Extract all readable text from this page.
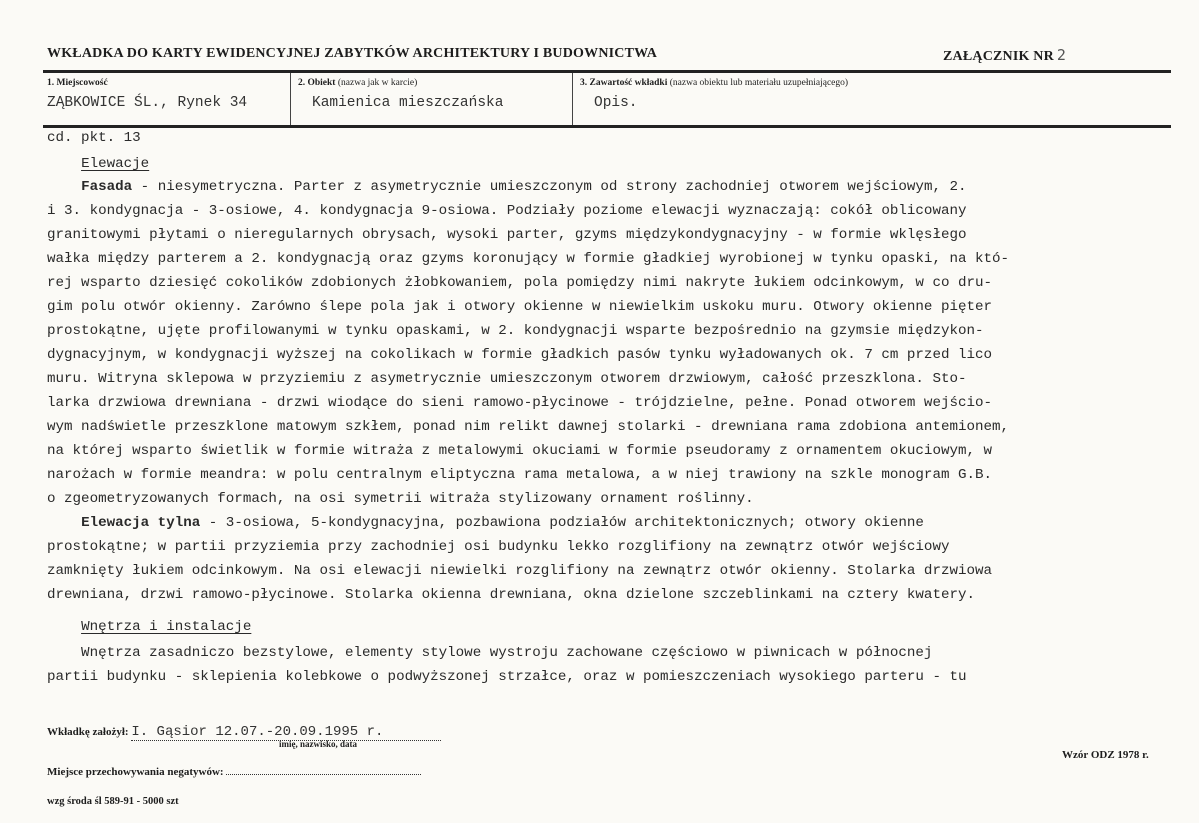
WKŁADKA DO KARTY EWIDENCYJNEJ ZABYTKÓW ARCHITEKTURY I BUDOWNICTWA	ZAŁĄCZNIK NR 2
1. Miejscowość
ZĄBKOWICE ŚL., Rynek 34
2. Obiekt (nazwa jak w karcie)
Kamienica mieszczańska
3. Zawartość wkładki (nazwa obiektu lub materiału uzupełniającego)
Opis.
cd. pkt. 13
Elewacje
Fasada - niesymetryczna. Parter z asymetrycznie umieszczonym od strony zachodniej otworem wejściowym, 2.
i 3. kondygnacja - 3-osiowe, 4. kondygnacja 9-osiowa. Podziały poziome elewacji wyznaczają: cokół oblicowany
granitowymi płytami o nieregularnych obrysach, wysoki parter, gzyms międzykondygnacyjny - w formie wklęsłego
wałka między parterem a 2. kondygnacją oraz gzyms koronujący w formie gładkiej wyrobionej w tynku opaski, na któ-
rej wsparto dziesięć cokolików zdobionych żłobkowaniem, pola pomiędzy nimi nakryte łukiem odcinkowym, w co dru-
gim polu otwór okienny. Zarówno ślepe pola jak i otwory okienne w niewielkim uskoku muru. Otwory okienne pięter
prostokątne, ujęte profilowanymi w tynku opaskami, w 2. kondygnacji wsparte bezpośrednio na gzymsie międzykon-
dygnacyjnym, w kondygnacji wyższej na cokolikach w formie gładkich pasów tynku wyładowanych ok. 7 cm przed lico
muru. Witryna sklepowa w przyziemiu z asymetrycznie umieszczonym otworem drzwiowym, całość przeszklona. Sto-
larka drzwiowa drewniana - drzwi wiodące do sieni ramowo-płycinowe - trójdzielne, pełne. Ponad otworem wejścio-
wym nadświetle przeszklone matowym szkłem, ponad nim relikt dawnej stolarki - drewniana rama zdobiona antemionem,
na której wsparto świetlik w formie witraża z metalowymi okuciami w formie pseudoramy z ornamentem okuciowym, w
narożach w formie meandra: w polu centralnym eliptyczna rama metalowa, a w niej trawiony na szkle monogram G.B.
o zgeometryzowanych formach, na osi symetrii witraża stylizowany ornament roślinny.
Elewacja tylna - 3-osiowa, 5-kondygnacyjna, pozbawiona podziałów architektonicznych; otwory okienne
prostokątne; w partii przyziemia przy zachodniej osi budynku lekko rozglifiony na zewnątrz otwór wejściowy
zamknięty łukiem odcinkowym. Na osi elewacji niewielki rozglifiony na zewnątrz otwór okienny. Stolarka drzwiowa
drewniana, drzwi ramowo-płycinowe. Stolarka okienna drewniana, okna dzielone szczeblinkami na cztery kwatery.
Wnętrza i instalacje
Wnętrza zasadniczo bezstylowe, elementy stylowe wystroju zachowane częściowo w piwnicach w północnej
partii budynku - sklepienia kolebkowe o podwyższonej strzałce, oraz w pomieszczeniach wysokiego parteru - tu
Wkładkę założył: I. Gąsior 12.07.-20.09.1995 r.
imię, nazwisko, data
Wzór ODZ 1978 r.
Miejsce przechowywania negatywów:
wzg środa śl 589-91 - 5000 szt
